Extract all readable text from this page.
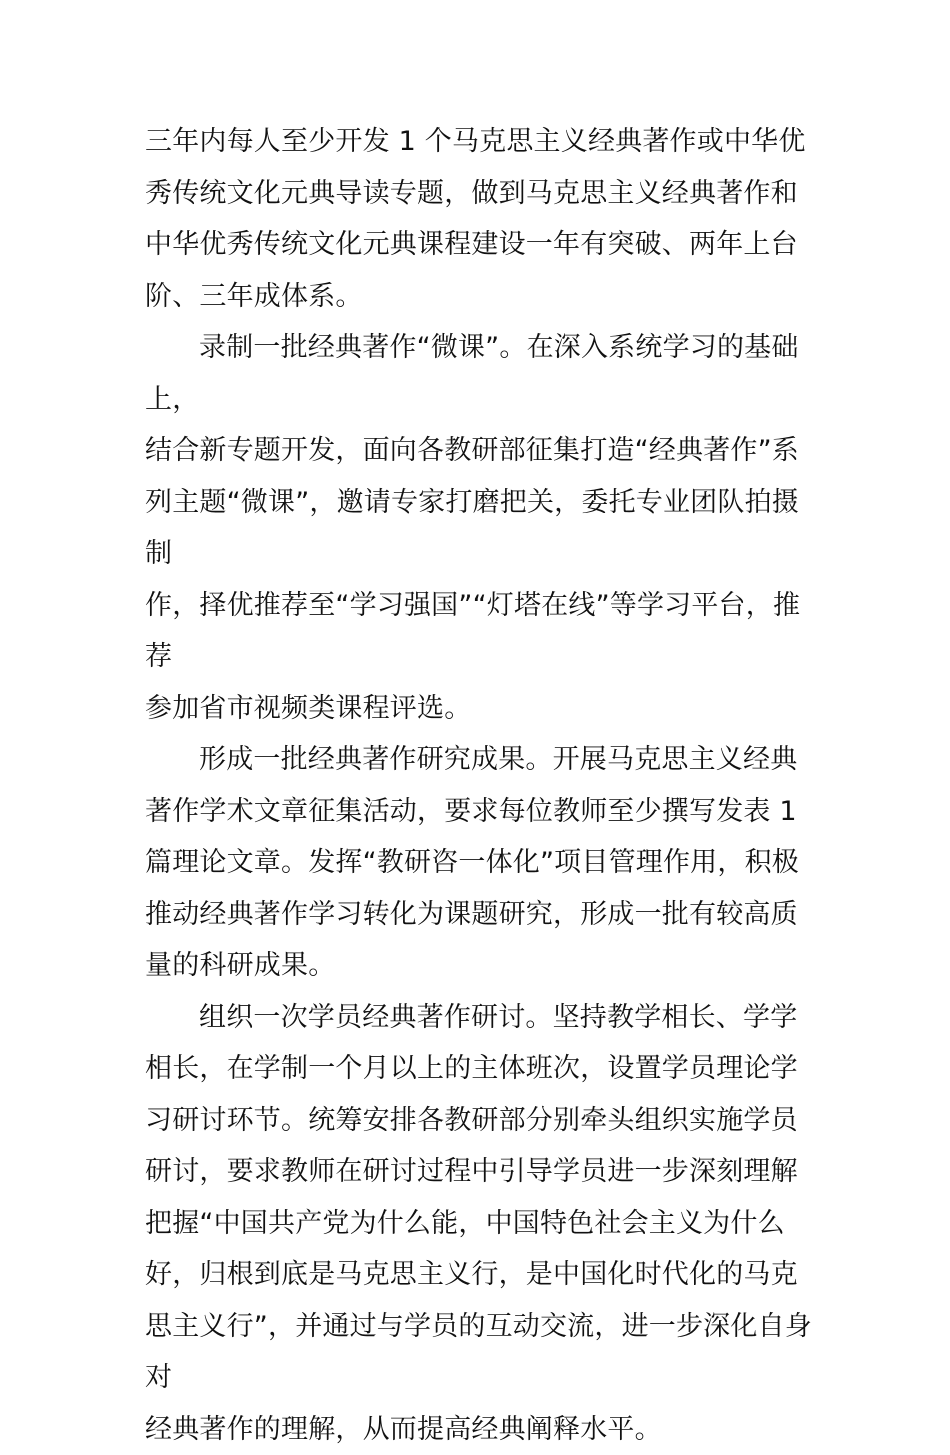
三年内每人至少开发 1 个马克思主义经典著作或中华优
秀传统文化元典导读专题，做到马克思主义经典著作和
中华优秀传统文化元典课程建设一年有突破、两年上台
阶、三年成体系。
录制一批经典著作“微课”。在深入系统学习的基础上，
结合新专题开发，面向各教研部征集打造“经典著作”系
列主题“微课”，邀请专家打磨把关，委托专业团队拍摄制
作，择优推荐至“学习强国”“灯塔在线”等学习平台，推荐
参加省市视频类课程评选。
形成一批经典著作研究成果。开展马克思主义经典
著作学术文章征集活动，要求每位教师至少撰写发表 1
篇理论文章。发挥“教研咨一体化”项目管理作用，积极
推动经典著作学习转化为课题研究，形成一批有较高质
量的科研成果。
组织一次学员经典著作研讨。坚持教学相长、学学
相长，在学制一个月以上的主体班次，设置学员理论学
习研讨环节。统筹安排各教研部分别牵头组织实施学员
研讨，要求教师在研讨过程中引导学员进一步深刻理解
把握“中国共产党为什么能，中国特色社会主义为什么
好，归根到底是马克思主义行，是中国化时代化的马克
思主义行”，并通过与学员的互动交流，进一步深化自身对
经典著作的理解，从而提高经典阐释水平。
